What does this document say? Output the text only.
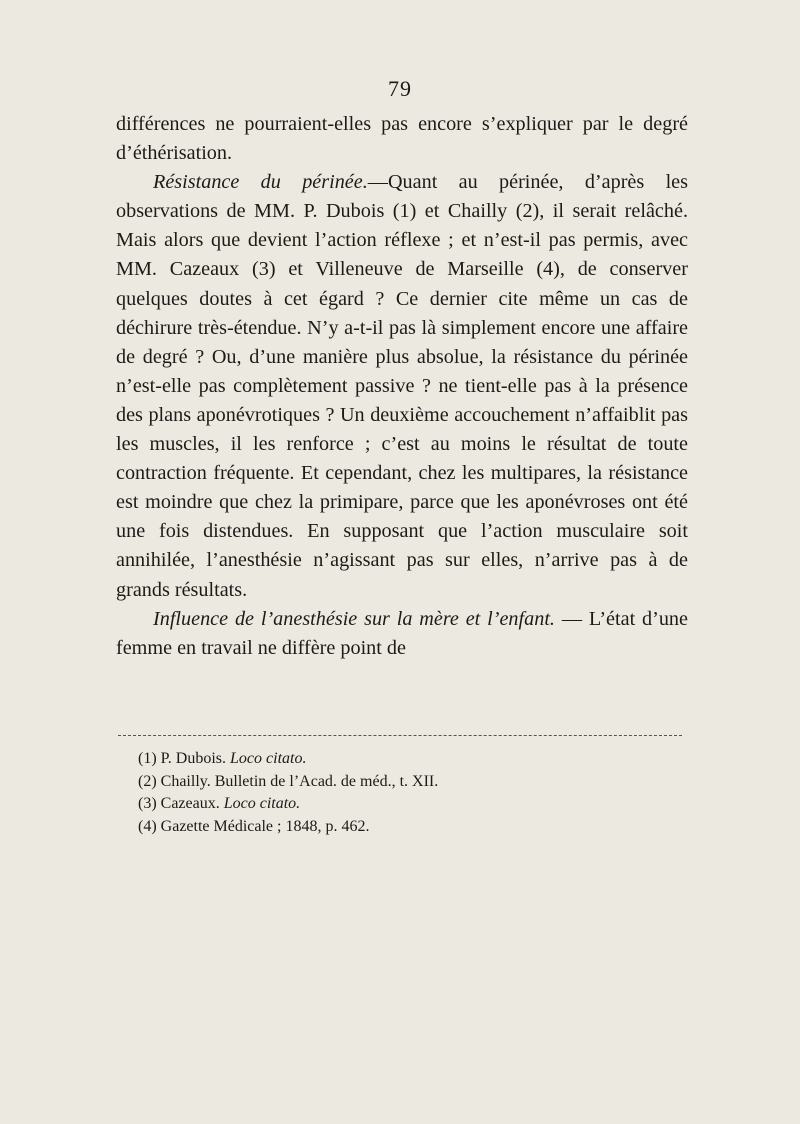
79

différences ne pourraient-elles pas encore s’expliquer par le degré d’éthérisation.

Résistance du périnée.—Quant au périnée, d’après les observations de MM. P. Dubois (1) et Chailly (2), il serait relâché. Mais alors que devient l’action réflexe ; et n’est-il pas permis, avec MM. Cazeaux (3) et Villeneuve de Marseille (4), de conserver quelques doutes à cet égard ? Ce dernier cite même un cas de déchirure très-étendue. N’y a-t-il pas là simplement encore une affaire de degré ? Ou, d’une manière plus absolue, la résistance du périnée n’est-elle pas complètement passive ? ne tient-elle pas à la présence des plans aponévrotiques ? Un deuxième accouchement n’affaiblit pas les muscles, il les renforce ; c’est au moins le résultat de toute contraction fréquente. Et cependant, chez les multipares, la résistance est moindre que chez la primipare, parce que les aponévroses ont été une fois distendues. En supposant que l’action musculaire soit annihilée, l’anesthésie n’agissant pas sur elles, n’arrive pas à de grands résultats.

Influence de l’anesthésie sur la mère et l’enfant. — L’état d’une femme en travail ne diffère point de

(1) P. Dubois. Loco citato.
(2) Chailly. Bulletin de l’Acad. de méd., t. XII.
(3) Cazeaux. Loco citato.
(4) Gazette Médicale ; 1848, p. 462.
